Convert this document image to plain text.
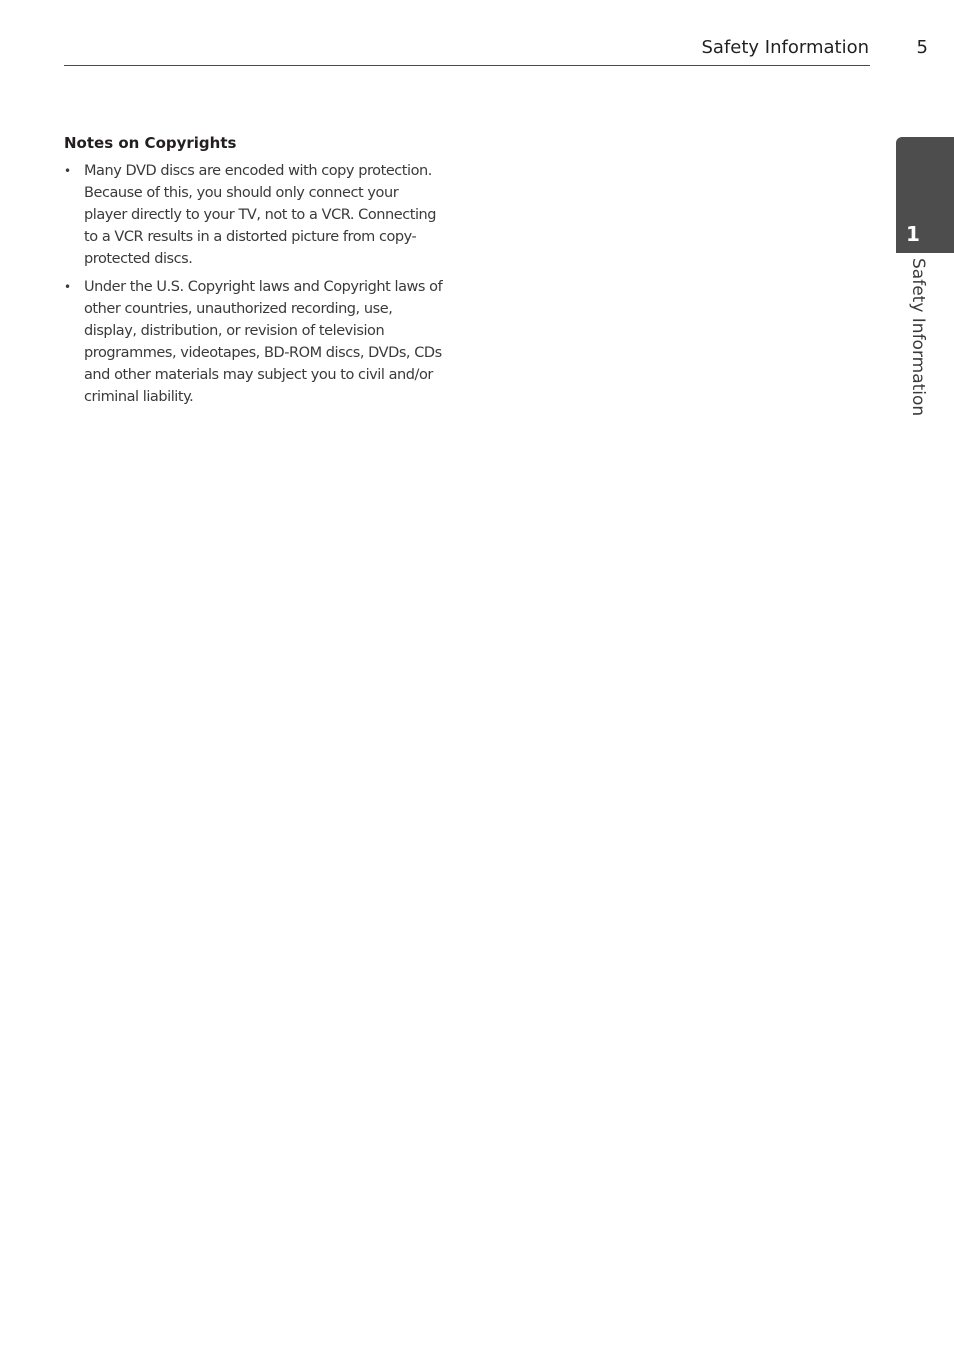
Safety Information	5
Notes on Copyrights
• Many DVD discs are encoded with copy protection. Because of this, you should only connect your player directly to your TV, not to a VCR. Connecting to a VCR results in a distorted picture from copy-protected discs.
• Under the U.S. Copyright laws and Copyright laws of other countries, unauthorized recording, use, display, distribution, or revision of television programmes, videotapes, BD-ROM discs, DVDs, CDs and other materials may subject you to civil and/or criminal liability.
1
Safety Information
